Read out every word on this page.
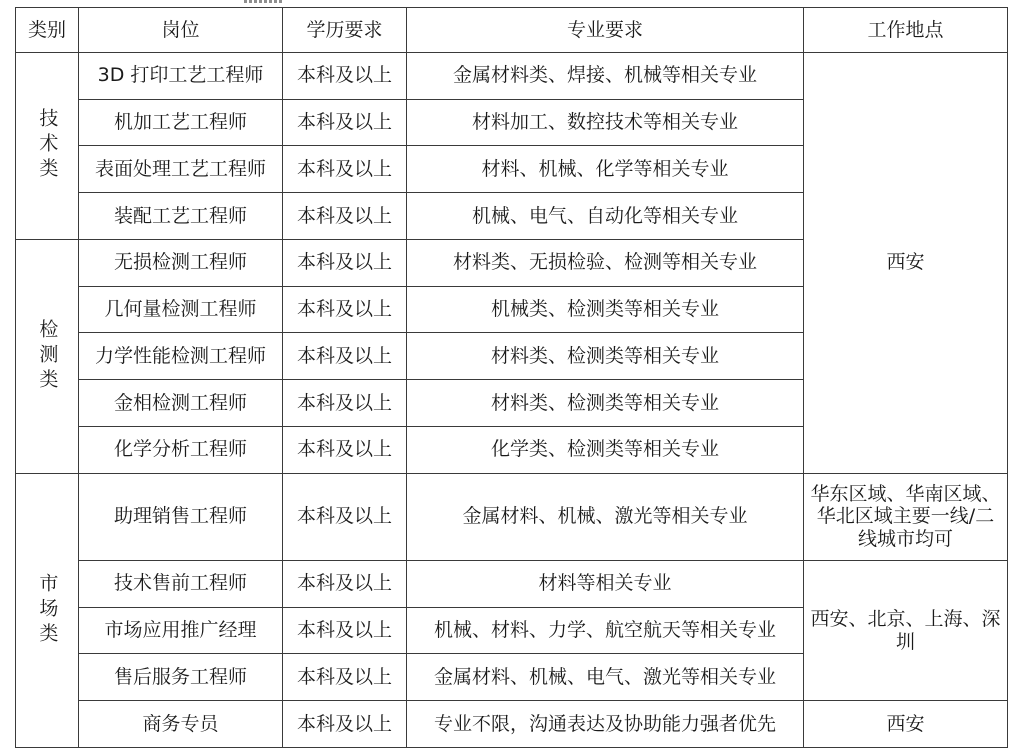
类别	岗位	学历要求	专业要求	工作地点
技术类	3D 打印工艺工程师	本科及以上	金属材料类、焊接、机械等相关专业	西安
	机加工艺工程师	本科及以上	材料加工、数控技术等相关专业	
	表面处理工艺工程师	本科及以上	材料、机械、化学等相关专业	
	装配工艺工程师	本科及以上	机械、电气、自动化等相关专业	
检测类	无损检测工程师	本科及以上	材料类、无损检验、检测等相关专业	
	几何量检测工程师	本科及以上	机械类、检测类等相关专业	
	力学性能检测工程师	本科及以上	材料类、检测类等相关专业	
	金相检测工程师	本科及以上	材料类、检测类等相关专业	
	化学分析工程师	本科及以上	化学类、检测类等相关专业	
市场类	助理销售工程师	本科及以上	金属材料、机械、激光等相关专业	华东区域、华南区域、华北区域主要一线/二线城市均可
	技术售前工程师	本科及以上	材料等相关专业	西安、北京、上海、深圳
	市场应用推广经理	本科及以上	机械、材料、力学、航空航天等相关专业	
	售后服务工程师	本科及以上	金属材料、机械、电气、激光等相关专业	
	商务专员	本科及以上	专业不限，沟通表达及协助能力强者优先	西安
